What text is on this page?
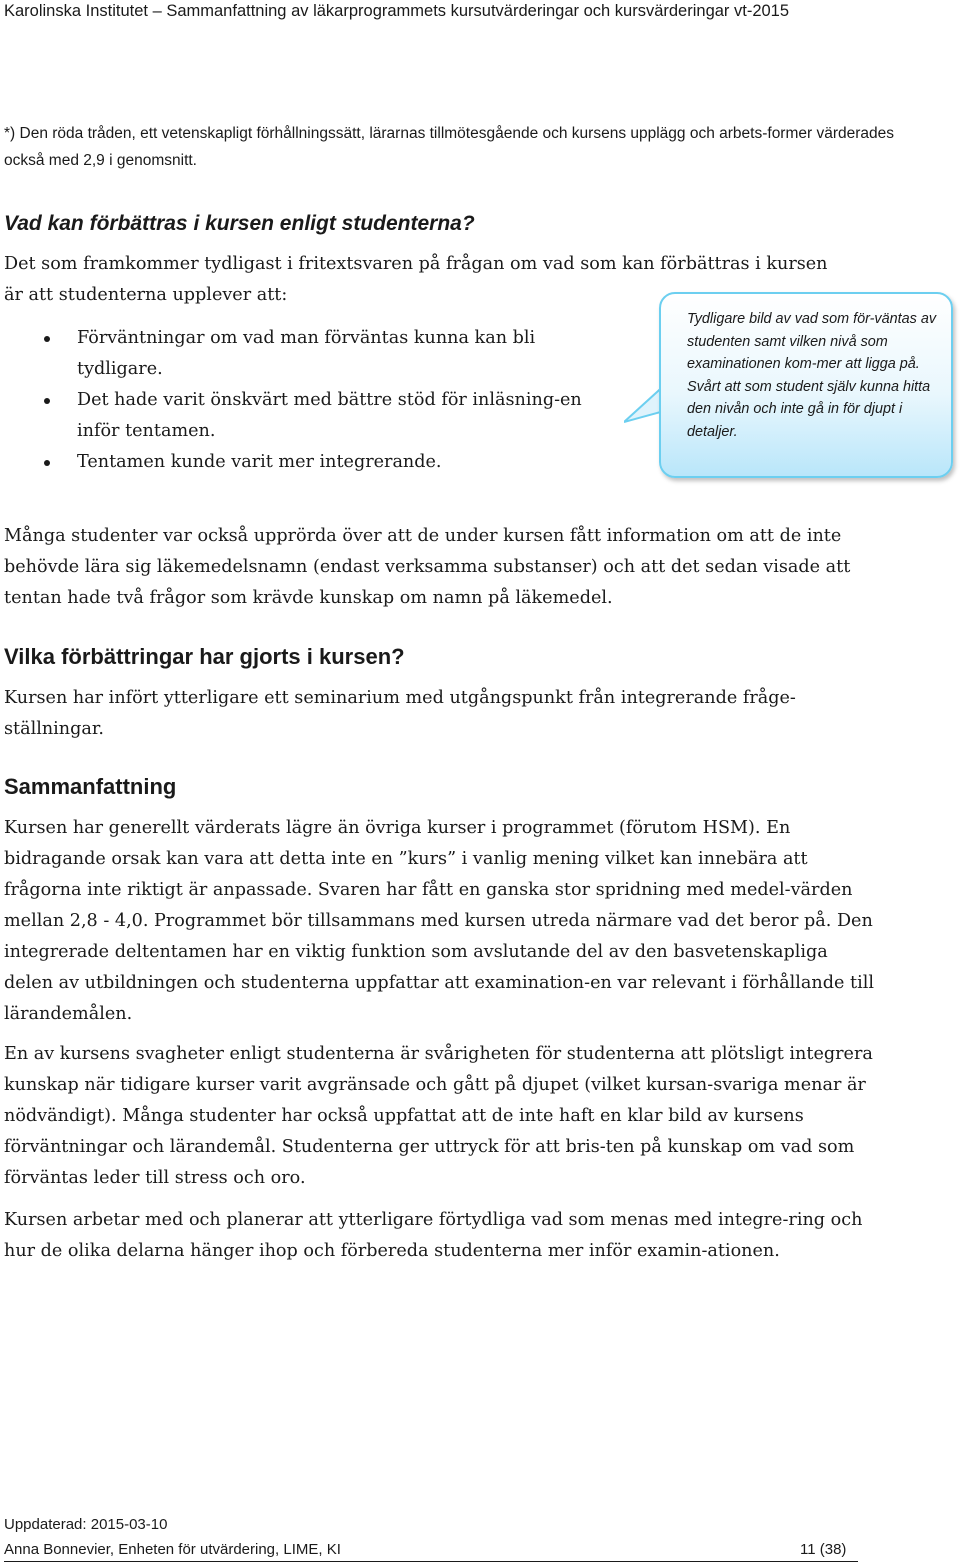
Karolinska Institutet – Sammanfattning av läkarprogrammets kursutvärderingar och kursvärderingar vt-2015
*) Den röda tråden, ett vetenskapligt förhållningssätt, lärarnas tillmötesgående och kursens upplägg och arbets-former värderades också med 2,9 i genomsnitt.
Vad kan förbättras i kursen enligt studenterna?
Det som framkommer tydligast i fritextsvaren på frågan om vad som kan förbättras i kursen är att studenterna upplever att:
Förväntningar om vad man förväntas kunna kan bli tydligare.
Det hade varit önskvärt med bättre stöd för inläsning-en inför tentamen.
Tentamen kunde varit mer integrerande.
Tydligare bild av vad som för-väntas av studenten samt vilken nivå som examinationen kom-mer att ligga på. Svårt att som student själv kunna hitta den nivån och inte gå in för djupt i detaljer.

Många studenter var också upprörda över att de under kursen fått information om att de inte behövde lära sig läkemedelsnamn (endast verksamma substanser) och att det sedan visade att tentan hade två frågor som krävde kunskap om namn på läkemedel.

Vilka förbättringar har gjorts i kursen?

Kursen har infört ytterligare ett seminarium med utgångspunkt från integrerande fråge-ställningar.

Sammanfattning

Kursen har generellt värderats lägre än övriga kurser i programmet (förutom HSM). En bidragande orsak kan vara att detta inte en ”kurs” i vanlig mening vilket kan innebära att frågorna inte riktigt är anpassade. Svaren har fått en ganska stor spridning med medel-värden mellan 2,8 - 4,0. Programmet bör tillsammans med kursen utreda närmare vad det beror på. Den integrerade deltentamen har en viktig funktion som avslutande del av den basvetenskapliga delen av utbildningen och studenterna uppfattar att examination-en var relevant i förhållande till lärandemålen.

En av kursens svagheter enligt studenterna är svårigheten för studenterna att plötsligt integrera kunskap när tidigare kurser varit avgränsade och gått på djupet (vilket kursan-svariga menar är nödvändigt). Många studenter har också uppfattat att de inte haft en klar bild av kursens förväntningar och lärandemål. Studenterna ger uttryck för att bris-ten på kunskap om vad som förväntas leder till stress och oro.

Kursen arbetar med och planerar att ytterligare förtydliga vad som menas med integre-ring och hur de olika delarna hänger ihop och förbereda studenterna mer inför examin-ationen.

Uppdaterad: 2015-03-10
Anna Bonnevier, Enheten för utvärdering, LIME, KI	11 (38)
